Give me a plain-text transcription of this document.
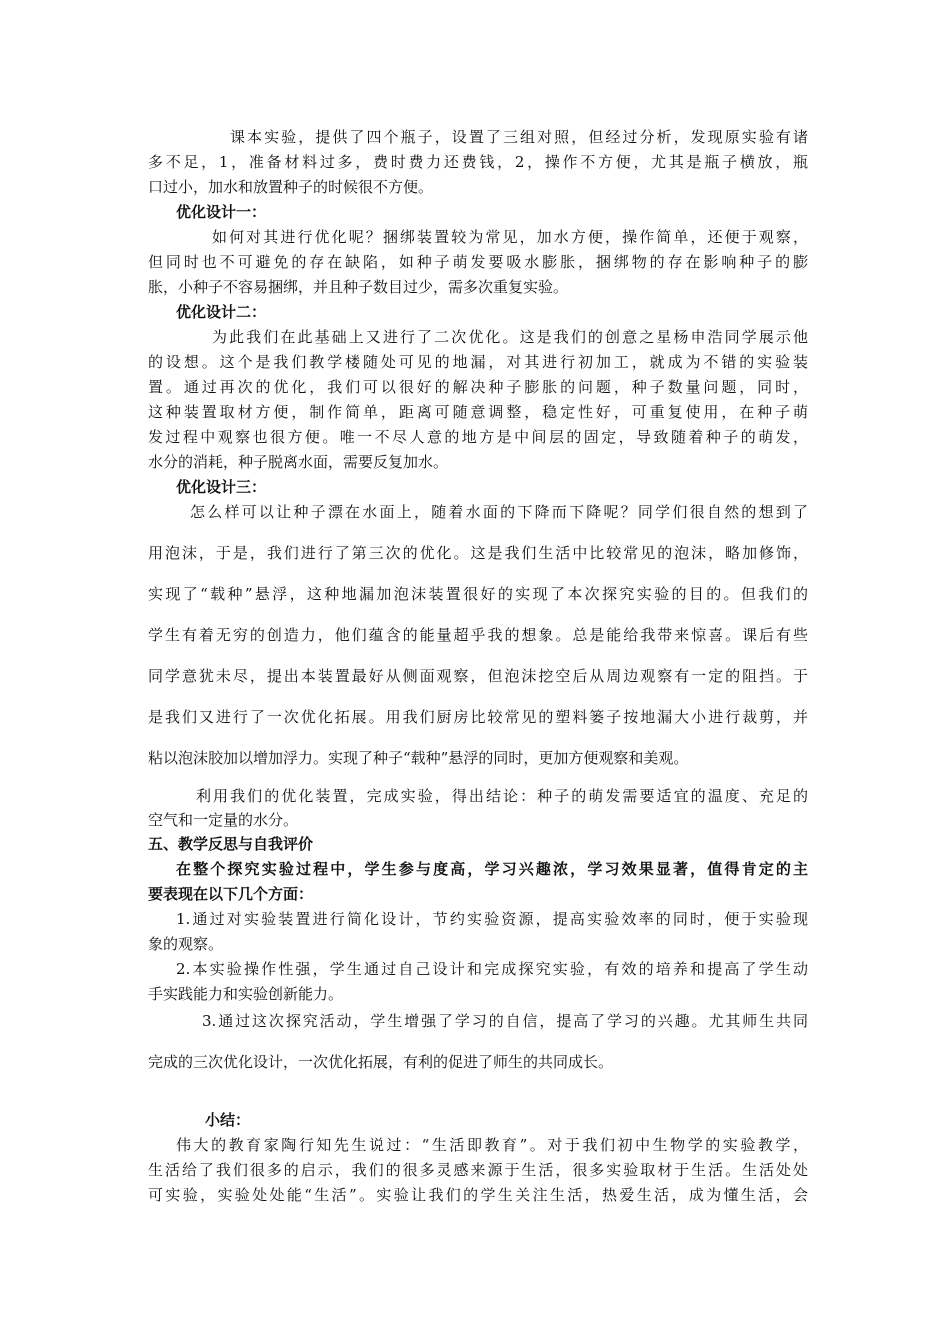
课本实验，提供了四个瓶子，设置了三组对照，但经过分析，发现原实验有诸
多不足，1，准备材料过多，费时费力还费钱，2，操作不方便，尤其是瓶子横放，瓶
口过小，加水和放置种子的时候很不方便。
优化设计一：
如何对其进行优化呢？捆绑装置较为常见，加水方便，操作简单，还便于观察，
但同时也不可避免的存在缺陷，如种子萌发要吸水膨胀，捆绑物的存在影响种子的膨
胀，小种子不容易捆绑，并且种子数目过少，需多次重复实验。
优化设计二：
为此我们在此基础上又进行了二次优化。这是我们的创意之星杨申浩同学展示他
的设想。这个是我们教学楼随处可见的地漏，对其进行初加工，就成为不错的实验装
置。通过再次的优化，我们可以很好的解决种子膨胀的问题，种子数量问题，同时，
这种装置取材方便，制作简单，距离可随意调整，稳定性好，可重复使用，在种子萌
发过程中观察也很方便。唯一不尽人意的地方是中间层的固定，导致随着种子的萌发，
水分的消耗，种子脱离水面，需要反复加水。
优化设计三：
怎么样可以让种子漂在水面上，随着水面的下降而下降呢？同学们很自然的想到了
用泡沫，于是，我们进行了第三次的优化。这是我们生活中比较常见的泡沫，略加修饰，
实现了“载种”悬浮，这种地漏加泡沫装置很好的实现了本次探究实验的目的。但我们的
学生有着无穷的创造力，他们蕴含的能量超乎我的想象。总是能给我带来惊喜。课后有些
同学意犹未尽，提出本装置最好从侧面观察，但泡沫挖空后从周边观察有一定的阻挡。于
是我们又进行了一次优化拓展。用我们厨房比较常见的塑料篓子按地漏大小进行裁剪，并
粘以泡沫胶加以增加浮力。实现了种子“载种”悬浮的同时，更加方便观察和美观。
利用我们的优化装置，完成实验，得出结论：种子的萌发需要适宜的温度、充足的
空气和一定量的水分。
五、教学反思与自我评价
在整个探究实验过程中，学生参与度高，学习兴趣浓，学习效果显著，值得肯定的主
要表现在以下几个方面：
1.通过对实验装置进行简化设计，节约实验资源，提高实验效率的同时，便于实验现
象的观察。
2.本实验操作性强，学生通过自己设计和完成探究实验，有效的培养和提高了学生动
手实践能力和实验创新能力。
3.通过这次探究活动，学生增强了学习的自信，提高了学习的兴趣。尤其师生共同
完成的三次优化设计，一次优化拓展，有利的促进了师生的共同成长。
小结：
伟大的教育家陶行知先生说过：“生活即教育”。对于我们初中生物学的实验教学，
生活给了我们很多的启示，我们的很多灵感来源于生活，很多实验取材于生活。生活处处
可实验，实验处处能“生活”。实验让我们的学生关注生活，热爱生活，成为懂生活，会
